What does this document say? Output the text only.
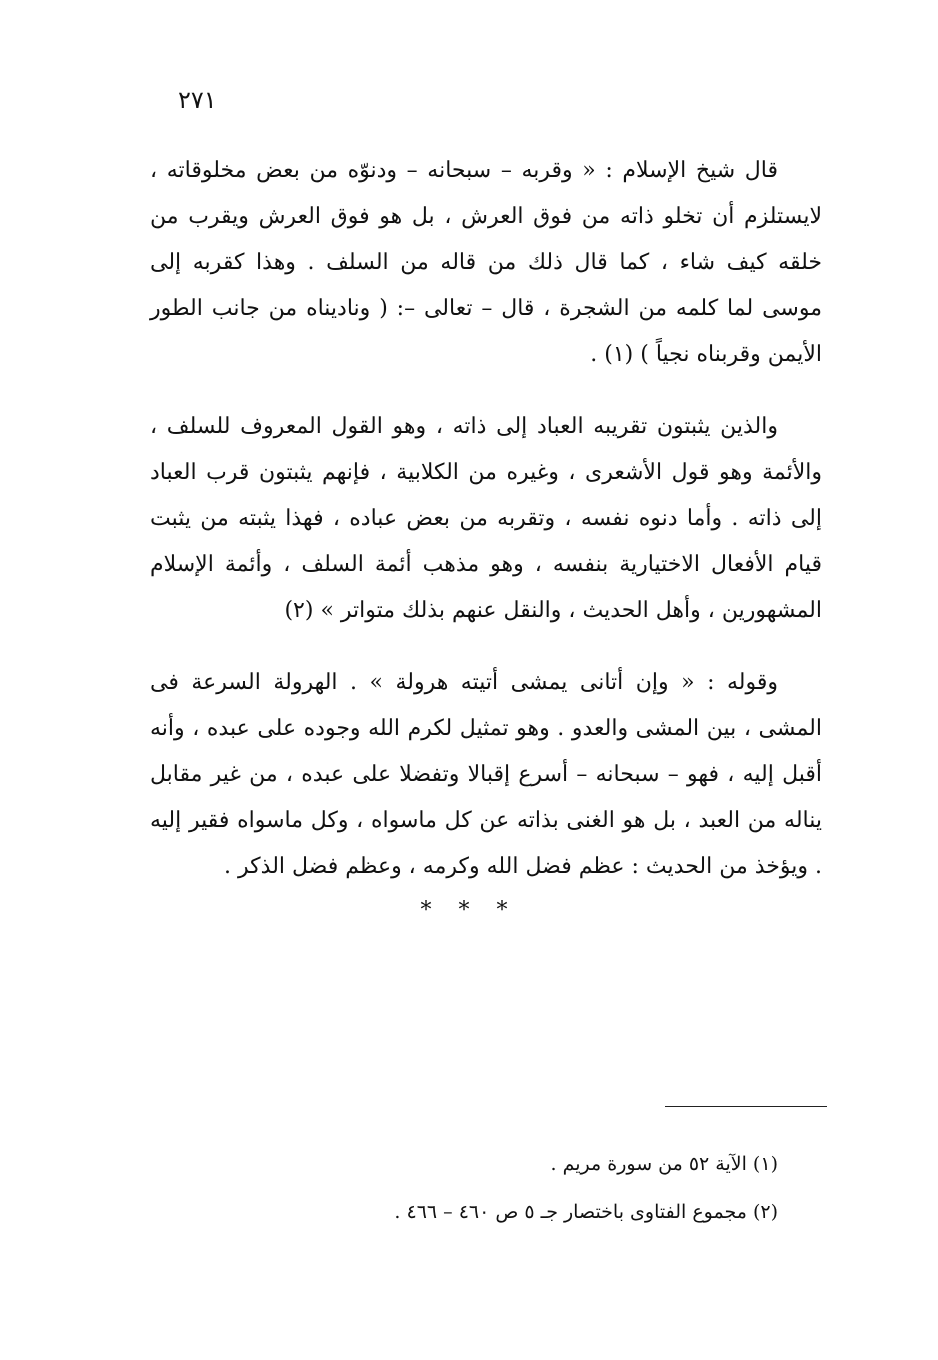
٢٧١

قال شيخ الإسلام : « وقربه – سبحانه – ودنوّه من بعض مخلوقاته ، لايستلزم أن تخلو ذاته من فوق العرش ، بل هو فوق العرش ويقرب من خلقه كيف شاء ، كما قال ذلك من قاله من السلف . وهذا كقربه إلى موسى لما كلمه من الشجرة ، قال – تعالى –: ( وناديناه من جانب الطور الأيمن وقربناه نجياً ) (١) .

والذين يثبتون تقريبه العباد إلى ذاته ، وهو القول المعروف للسلف ، والأئمة وهو قول الأشعرى ، وغيره من الكلابية ، فإنهم يثبتون قرب العباد إلى ذاته . وأما دنوه نفسه ، وتقربه من بعض عباده ، فهذا يثبته من يثبت قيام الأفعال الاختيارية بنفسه ، وهو مذهب أئمة السلف ، وأئمة الإسلام المشهورين ، وأهل الحديث ، والنقل عنهم بذلك متواتر » (٢)

وقوله : « وإن أتانى يمشى أتيته هرولة » . الهرولة السرعة فى المشى ، بين المشى والعدو . وهو تمثيل لكرم الله وجوده على عبده ، وأنه أقبل إليه ، فهو – سبحانه – أسرع إقبالا وتفضلا على عبده ، من غير مقابل يناله من العبد ، بل هو الغنى بذاته عن كل ماسواه ، وكل ماسواه فقير إليه . ويؤخذ من الحديث : عظم فضل الله وكرمه ، وعظم فضل الذكر .

* * *

(١) الآية ٥٢ من سورة مريم .

(٢) مجموع الفتاوى باختصار جـ ٥ ص ٤٦٠ – ٤٦٦ .
